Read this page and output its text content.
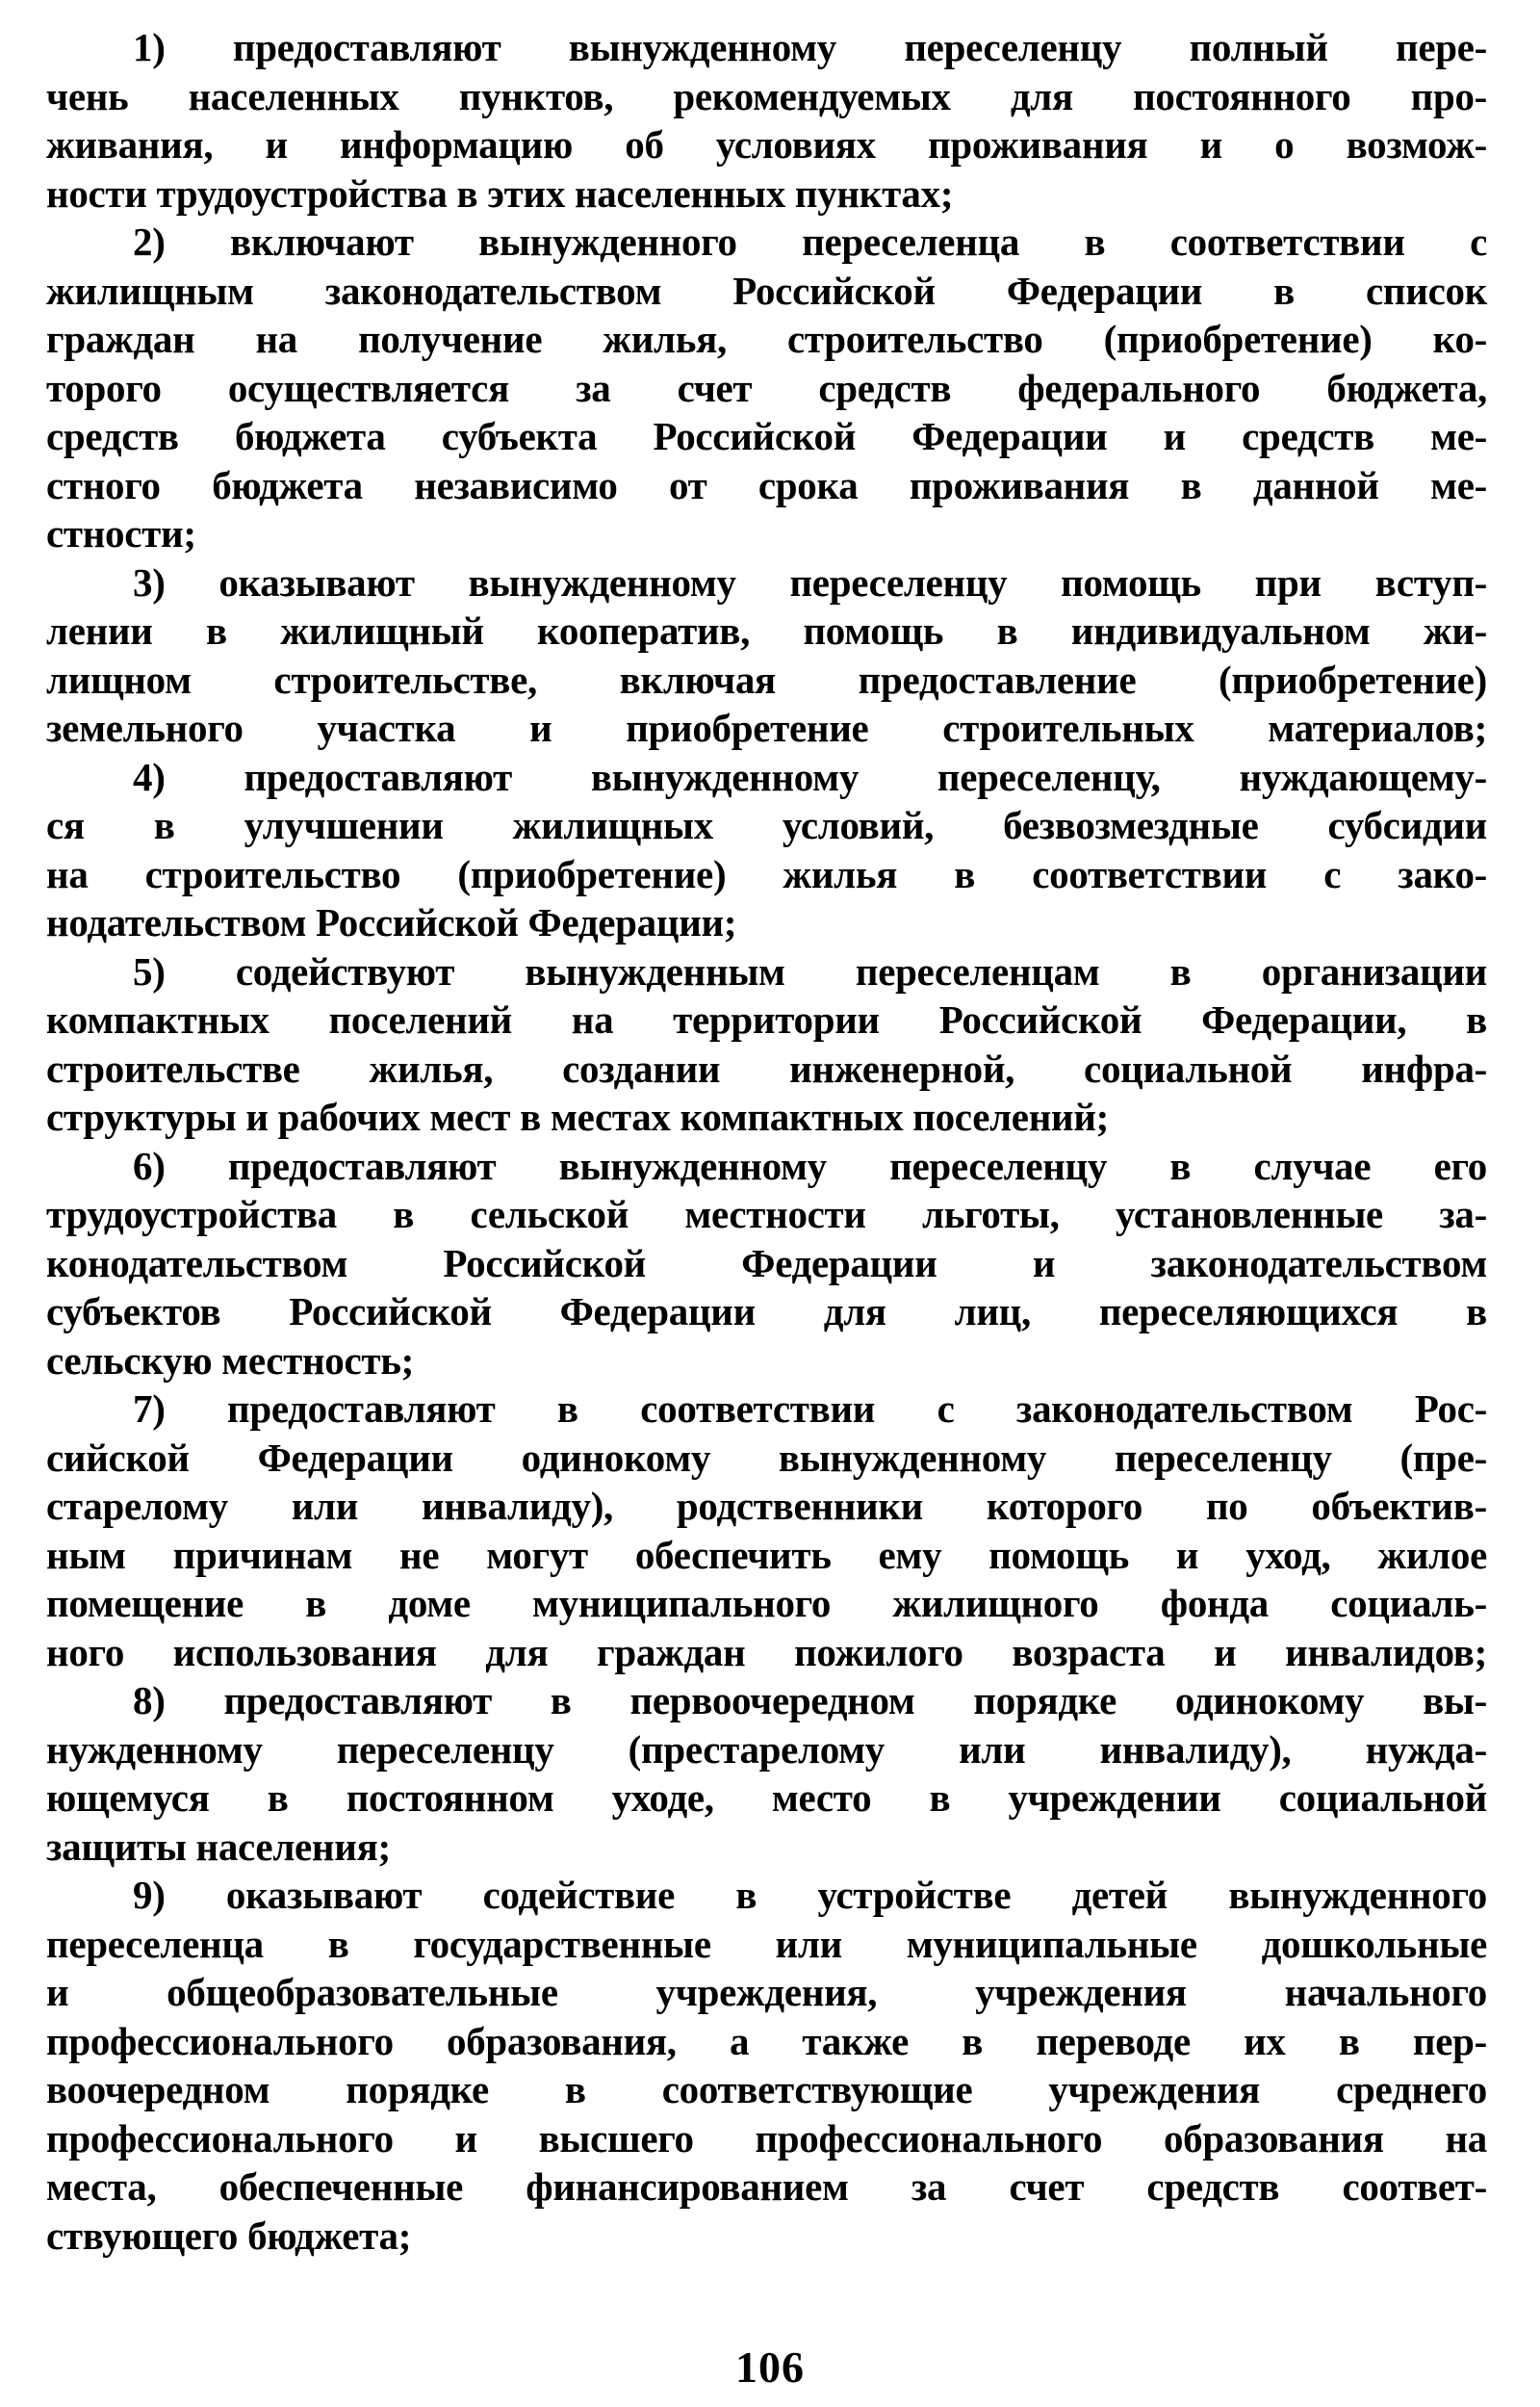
1) предоставляют вынужденному переселенцу полный пере-
чень населенных пунктов, рекомендуемых для постоянного про-
живания, и информацию об условиях проживания и о возмож-
ности трудоустройства в этих населенных пунктах;

2) включают вынужденного переселенца в соответствии с
жилищным законодательством Российской Федерации в список
граждан на получение жилья, строительство (приобретение) ко-
торого осуществляется за счет средств федерального бюджета,
средств бюджета субъекта Российской Федерации и средств ме-
стного бюджета независимо от срока проживания в данной ме-
стности;

3) оказывают вынужденному переселенцу помощь при вступ-
лении в жилищный кооператив, помощь в индивидуальном жи-
лищном строительстве, включая предоставление (приобретение)
земельного участка и приобретение строительных материалов;

4) предоставляют вынужденному переселенцу, нуждающему-
ся в улучшении жилищных условий, безвозмездные субсидии
на строительство (приобретение) жилья в соответствии с зако-
нодательством Российской Федерации;

5) содействуют вынужденным переселенцам в организации
компактных поселений на территории Российской Федерации, в
строительстве жилья, создании инженерной, социальной инфра-
структуры и рабочих мест в местах компактных поселений;

6) предоставляют вынужденному переселенцу в случае его
трудоустройства в сельской местности льготы, установленные за-
конодательством Российской Федерации и законодательством
субъектов Российской Федерации для лиц, переселяющихся в
сельскую местность;

7) предоставляют в соответствии с законодательством Рос-
сийской Федерации одинокому вынужденному переселенцу (пре-
старелому или инвалиду), родственники которого по объектив-
ным причинам не могут обеспечить ему помощь и уход, жилое
помещение в доме муниципального жилищного фонда социаль-
ного использования для граждан пожилого возраста и инвалидов;

8) предоставляют в первоочередном порядке одинокому вы-
нужденному переселенцу (престарелому или инвалиду), нужда-
ющемуся в постоянном уходе, место в учреждении социальной
защиты населения;

9) оказывают содействие в устройстве детей вынужденного
переселенца в государственные или муниципальные дошкольные
и общеобразовательные учреждения, учреждения начального
профессионального образования, а также в переводе их в пер-
воочередном порядке в соответствующие учреждения среднего
профессионального и высшего профессионального образования на
места, обеспеченные финансированием за счет средств соответ-
ствующего бюджета;

106
